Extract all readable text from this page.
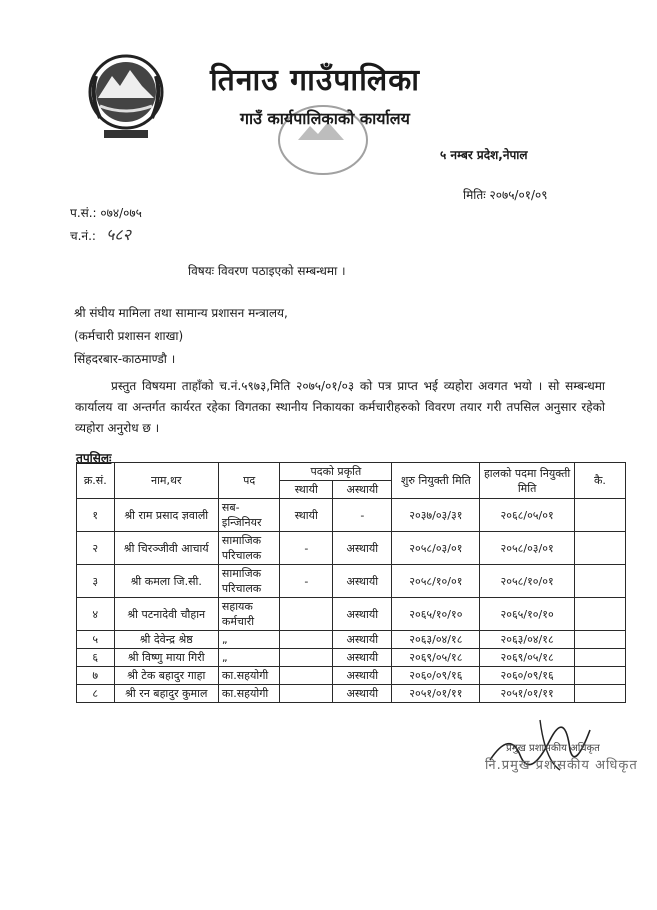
तिनाउ गाउँपालिका
गाउँ कार्यपालिकाको कार्यालय
५ नम्बर प्रदेश,नेपाल
मितिः २०७५/०१/०९
प.सं.: ०७४/०७५
च.नं.: ५८२
विषयः विवरण पठाइएको सम्बन्धमा ।
श्री संघीय मामिला तथा सामान्य प्रशासन मन्त्रालय,
(कर्मचारी प्रशासन शाखा)
सिंहदरबार-काठमाण्डौ ।
प्रस्तुत विषयमा ताहाँको च.नं.५९७३,मिति २०७५/०१/०३ को पत्र प्राप्त भई व्यहोरा अवगत भयो । सो सम्बन्धमा कार्यालय वा अन्तर्गत कार्यरत रहेका विगतका स्थानीय निकायका कर्मचारीहरुको विवरण तयार गरी तपसिल अनुसार रहेको व्यहोरा अनुरोध छ ।
तपसिलः
क्र.सं.	नाम,थर	पद	पदको प्रकृति		शुरु नियुक्ती मिति	हालको पदमा नियुक्ती मिति	कै.
			स्थायी	अस्थायी			
१	श्री राम प्रसाद ज्ञवाली	सब-इन्जिनियर	स्थायी	-	२०३७/०३/३१	२०६८/०५/०१	
२	श्री चिरञ्जीवी आचार्य	सामाजिक परिचालक	-	अस्थायी	२०५८/०३/०१	२०५८/०३/०१	
३	श्री कमला जि.सी.	सामाजिक परिचालक	-	अस्थायी	२०५८/१०/०१	२०५८/१०/०१	
४	श्री पटनादेवी चौहान	सहायक कर्मचारी		अस्थायी	२०६५/१०/१०	२०६५/१०/१०	
५	श्री देवेन्द्र श्रेष्ठ	„		अस्थायी	२०६३/०४/१८	२०६३/०४/१८	
६	श्री विष्णु माया गिरी	„		अस्थायी	२०६९/०५/१८	२०६९/०५/१८	
७	श्री टेक बहादुर गाहा	का.सहयोगी		अस्थायी	२०६०/०९/१६	२०६०/०९/१६	
८	श्री रन बहादुर कुमाल	का.सहयोगी		अस्थायी	२०५१/०१/११	२०५१/०१/११	
प्रमुख प्रशासकीय अधिकृत
नि.प्रमुख प्रशासकीय अधिकृत
